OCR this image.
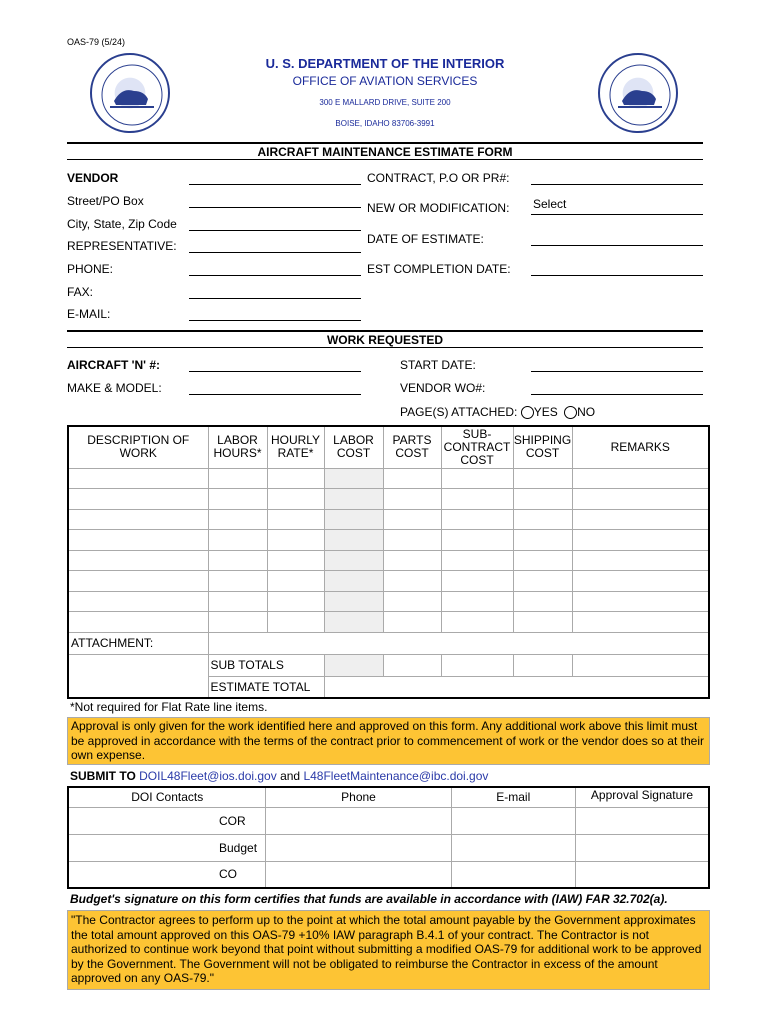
OAS-79 (5/24)
U. S. DEPARTMENT OF THE INTERIOR
OFFICE OF AVIATION SERVICES
300 E MALLARD DRIVE, SUITE 200
BOISE, IDAHO 83706-3991
AIRCRAFT MAINTENANCE ESTIMATE FORM
VENDOR
Street/PO Box
City, State, Zip Code
REPRESENTATIVE:
PHONE:
FAX:
E-MAIL:
CONTRACT, P.O OR PR#:
NEW OR MODIFICATION: Select
DATE OF ESTIMATE:
EST COMPLETION DATE:
WORK REQUESTED
AIRCRAFT 'N' #:
MAKE & MODEL:
START DATE:
VENDOR WO#:
PAGE(S) ATTACHED: YES NO
DESCRIPTION OF WORK	LABOR HOURS*	HOURLY RATE*	LABOR COST	PARTS COST	SUB-CONTRACT COST	SHIPPING COST	REMARKS

ATTACHMENT:							
	SUB TOTALS						
	ESTIMATE TOTAL						
*Not required for Flat Rate line items.
Approval is only given for the work identified here and approved on this form. Any additional work above this limit must be approved in accordance with the terms of the contract prior to commencement of work or the vendor does so at their own expense.
SUBMIT TO DOIL48Fleet@ios.doi.gov and L48FleetMaintenance@ibc.doi.gov
DOI Contacts	Phone	E-mail	Approval Signature
COR			
Budget			
CO			
Budget's signature on this form certifies that funds are available in accordance with (IAW) FAR 32.702(a).
"The Contractor agrees to perform up to the point at which the total amount payable by the Government approximates the total amount approved on this OAS-79 +10% IAW paragraph B.4.1 of your contract. The Contractor is not authorized to continue work beyond that point without submitting a modified OAS-79 for additional work to be approved by the Government. The Government will not be obligated to reimburse the Contractor in excess of the amount approved on any OAS-79."
